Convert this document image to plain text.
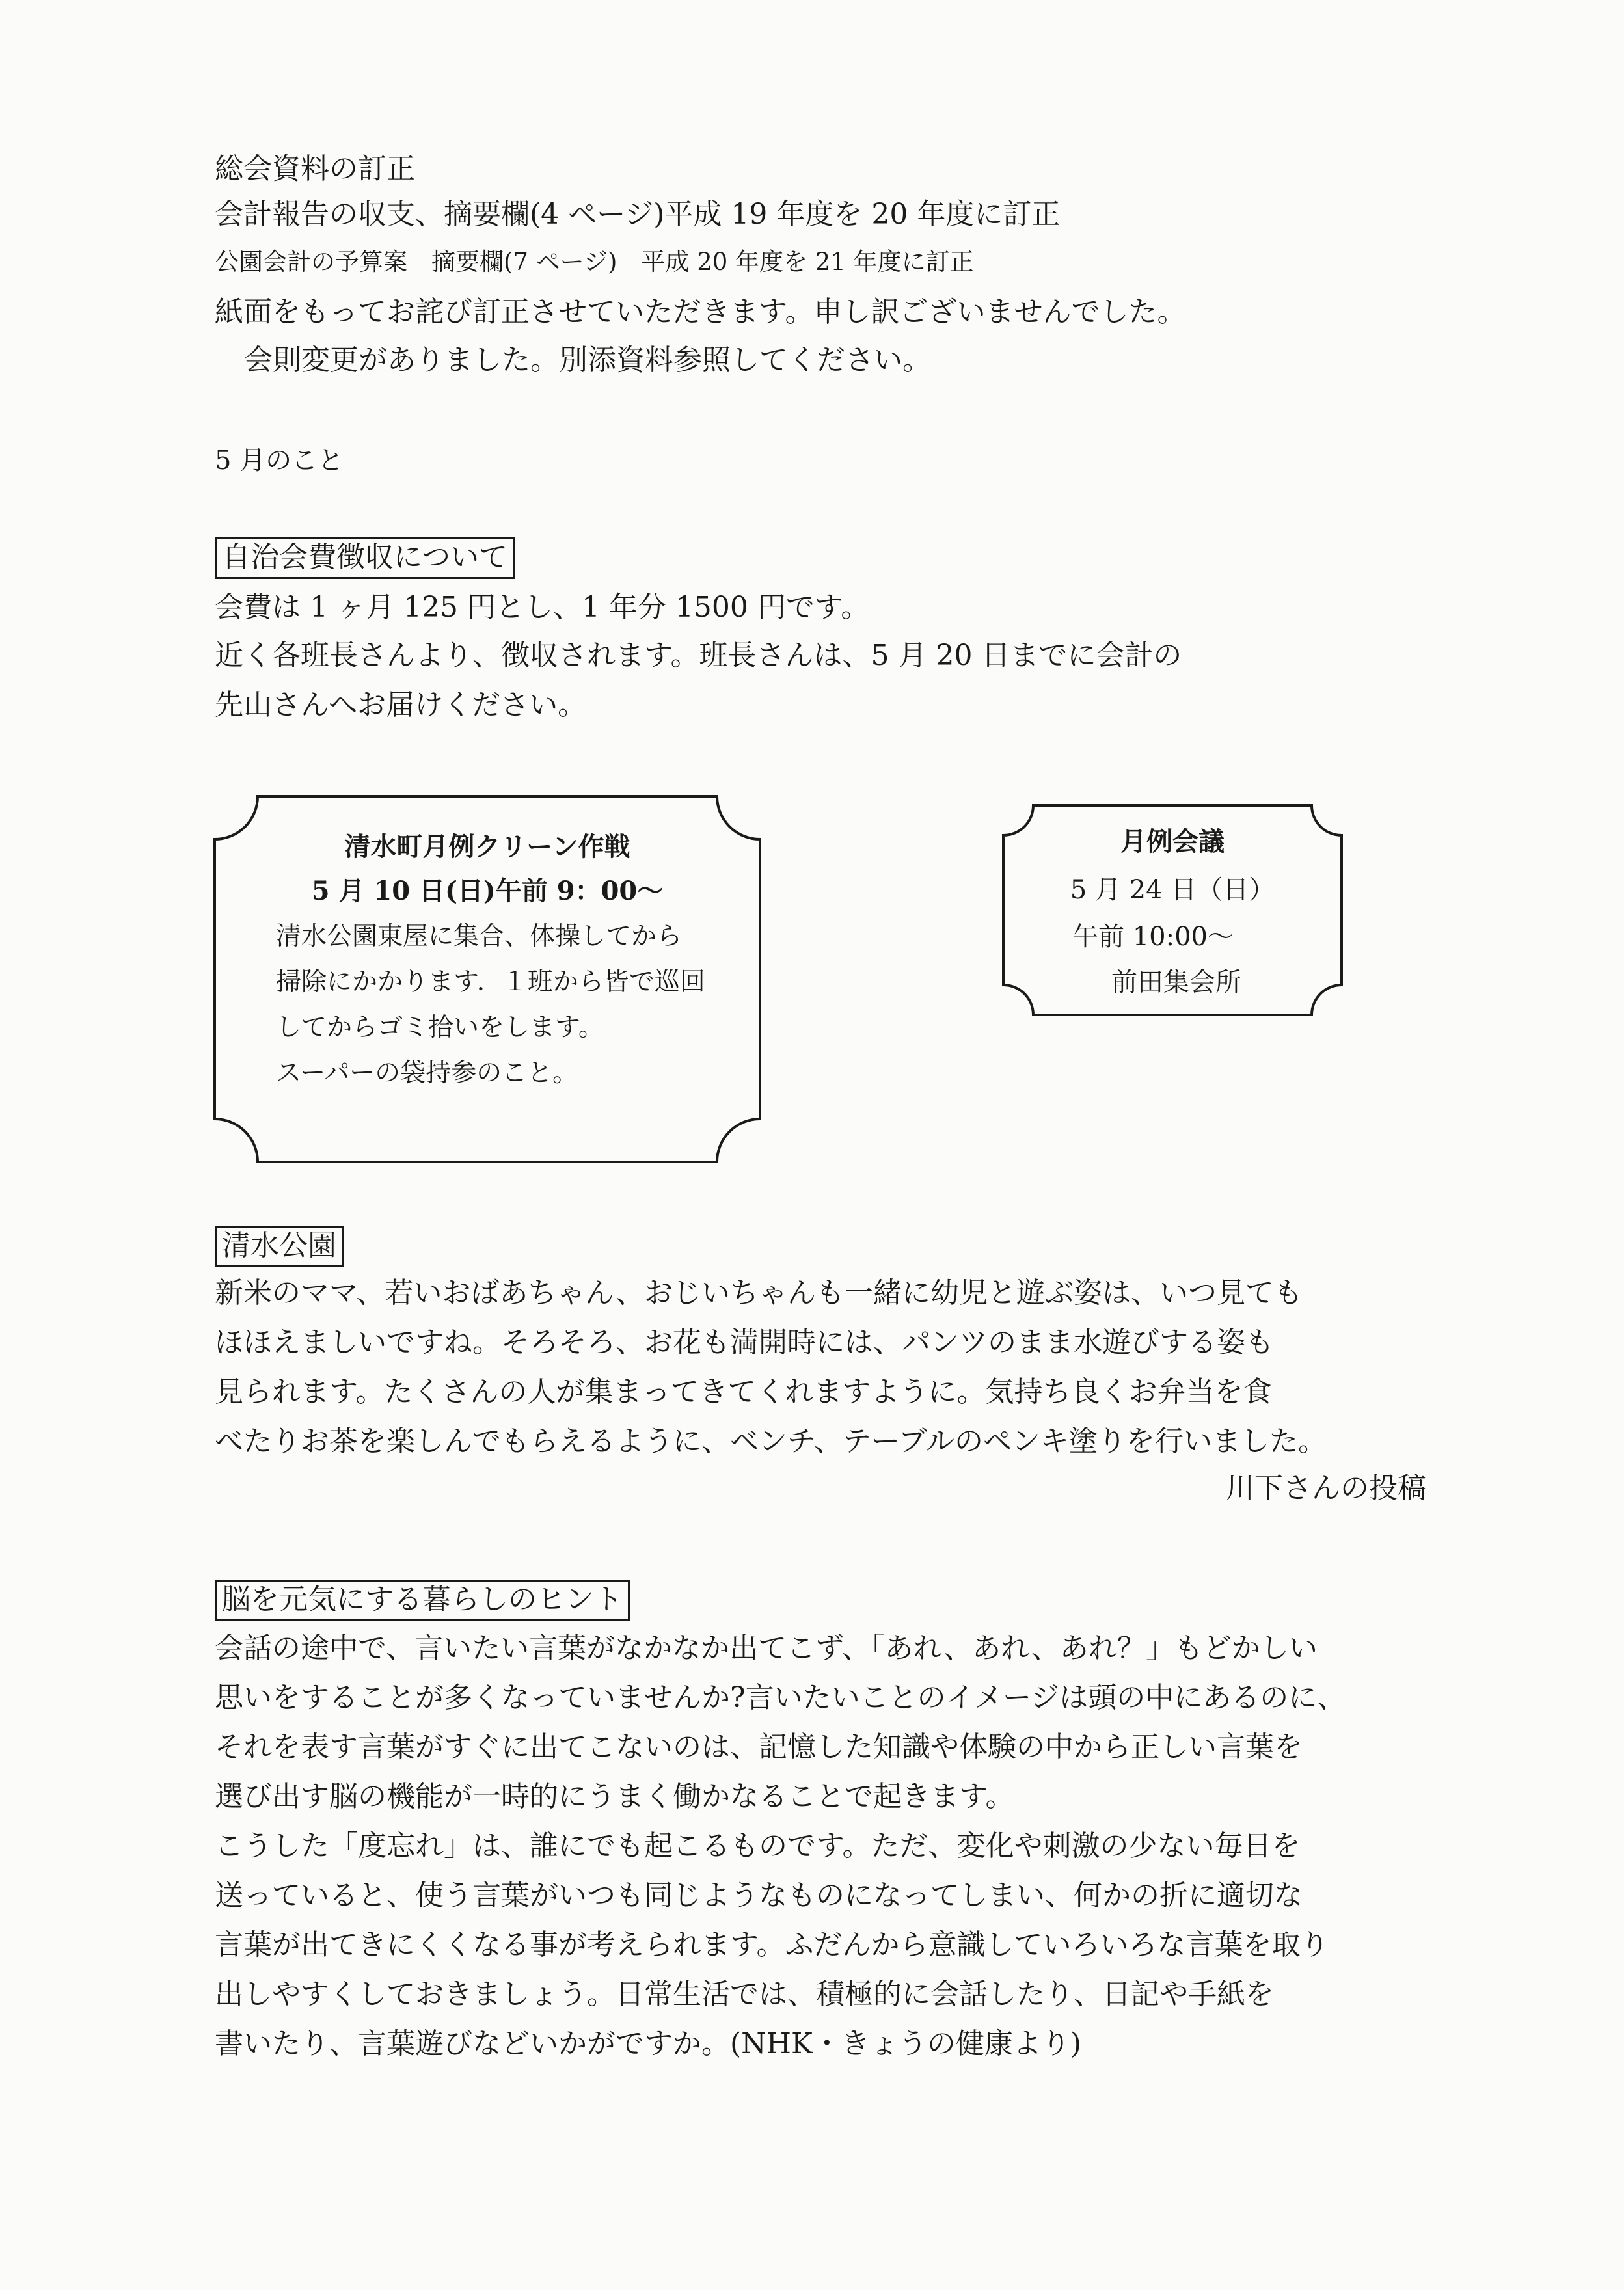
総会資料の訂正
会計報告の収支、摘要欄(4 ページ)平成 19 年度を 20 年度に訂正
公園会計の予算案　摘要欄(7 ページ)　平成 20 年度を 21 年度に訂正
紙面をもってお詫び訂正させていただきます。申し訳ございませんでした。
会則変更がありました。別添資料参照してください。
5 月のこと
自治会費徴収について
会費は 1 ヶ月 125 円とし、1 年分 1500 円です。
近く各班長さんより、徴収されます。班長さんは、5 月 20 日までに会計の
先山さんへお届けください。
清水町月例クリーン作戦
5 月 10 日(日)午前 9：00～
清水公園東屋に集合、体操してから
掃除にかかります．１班から皆で巡回
してからゴミ拾いをします。
スーパーの袋持参のこと。
月例会議
5 月 24 日（日）
午前 10:00～
前田集会所
清水公園
新米のママ、若いおばあちゃん、おじいちゃんも一緒に幼児と遊ぶ姿は、いつ見ても
ほほえましいですね。そろそろ、お花も満開時には、パンツのまま水遊びする姿も
見られます。たくさんの人が集まってきてくれますように。気持ち良くお弁当を食
べたりお茶を楽しんでもらえるように、ベンチ、テーブルのペンキ塗りを行いました。
川下さんの投稿
脳を元気にする暮らしのヒント
会話の途中で、言いたい言葉がなかなか出てこず、「あれ、あれ、あれ？」もどかしい
思いをすることが多くなっていませんか?言いたいことのイメージは頭の中にあるのに、
それを表す言葉がすぐに出てこないのは、記憶した知識や体験の中から正しい言葉を
選び出す脳の機能が一時的にうまく働かなることで起きます。
こうした「度忘れ」は、誰にでも起こるものです。ただ、変化や刺激の少ない毎日を
送っていると、使う言葉がいつも同じようなものになってしまい、何かの折に適切な
言葉が出てきにくくなる事が考えられます。ふだんから意識していろいろな言葉を取り
出しやすくしておきましょう。日常生活では、積極的に会話したり、日記や手紙を
書いたり、言葉遊びなどいかがですか。(NHK・きょうの健康より)
